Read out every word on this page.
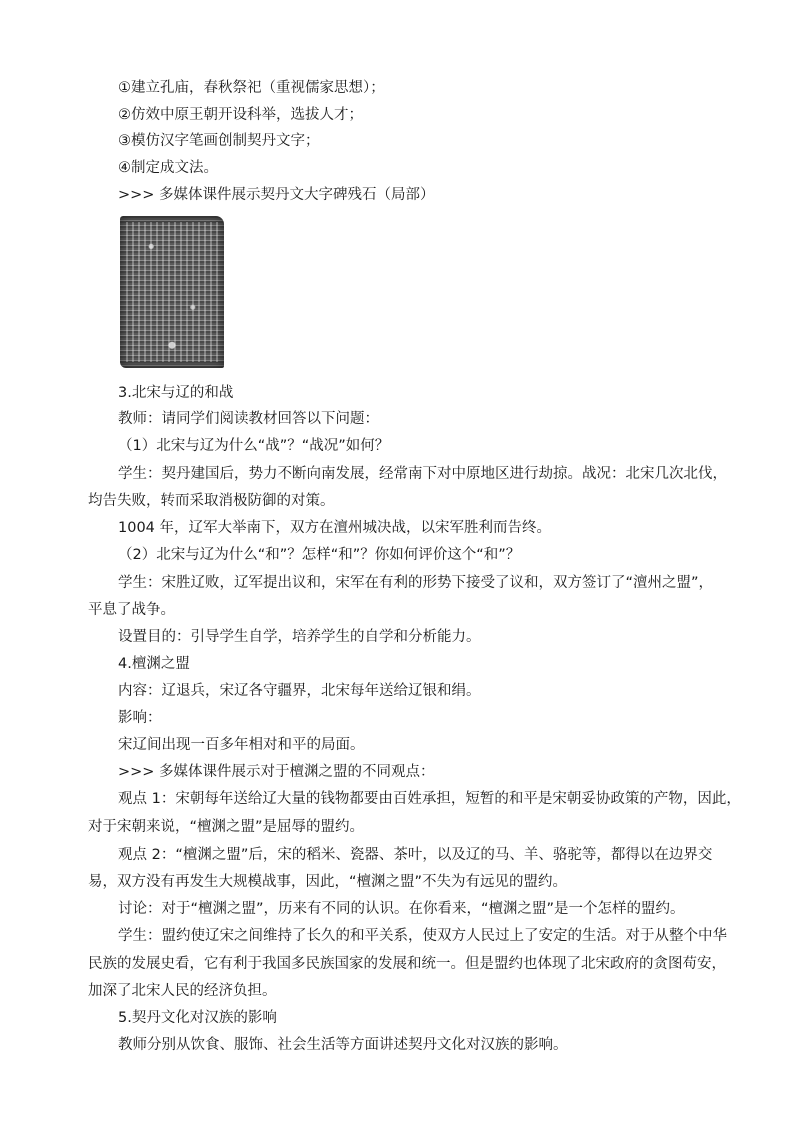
①建立孔庙，春秋祭祀（重视儒家思想）；
②仿效中原王朝开设科举，选拔人才；
③模仿汉字笔画创制契丹文字；
④制定成文法。
>>> 多媒体课件展示契丹文大字碑残石（局部）
3.北宋与辽的和战
教师：请同学们阅读教材回答以下问题：
（1）北宋与辽为什么“战”？“战况”如何？
学生：契丹建国后，势力不断向南发展，经常南下对中原地区进行劫掠。战况：北宋几次北伐，
均告失败，转而采取消极防御的对策。
1004 年，辽军大举南下，双方在澶州城决战，以宋军胜利而告终。
（2）北宋与辽为什么“和”？怎样“和”？你如何评价这个“和”？
学生：宋胜辽败，辽军提出议和，宋军在有利的形势下接受了议和，双方签订了“澶州之盟”，
平息了战争。
设置目的：引导学生自学，培养学生的自学和分析能力。
4.檀渊之盟
内容：辽退兵，宋辽各守疆界，北宋每年送给辽银和绢。
影响：
宋辽间出现一百多年相对和平的局面。
>>> 多媒体课件展示对于檀渊之盟的不同观点：
观点 1：宋朝每年送给辽大量的钱物都要由百姓承担，短暂的和平是宋朝妥协政策的产物，因此，
对于宋朝来说，“檀渊之盟”是屈辱的盟约。
观点 2：“檀渊之盟”后，宋的稻米、瓷器、茶叶，以及辽的马、羊、骆驼等，都得以在边界交
易，双方没有再发生大规模战事，因此，“檀渊之盟”不失为有远见的盟约。
讨论：对于“檀渊之盟”，历来有不同的认识。在你看来，“檀渊之盟”是一个怎样的盟约。
学生：盟约使辽宋之间维持了长久的和平关系，使双方人民过上了安定的生活。对于从整个中华
民族的发展史看，它有利于我国多民族国家的发展和统一。但是盟约也体现了北宋政府的贪图苟安，
加深了北宋人民的经济负担。
5.契丹文化对汉族的影响
教师分别从饮食、服饰、社会生活等方面讲述契丹文化对汉族的影响。
